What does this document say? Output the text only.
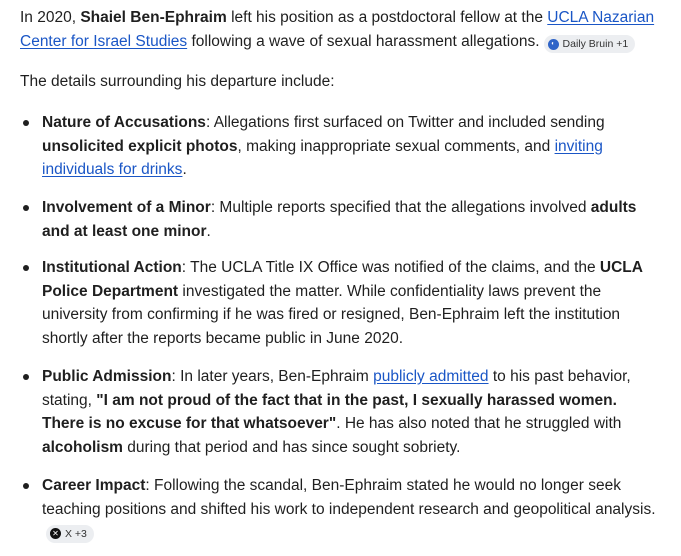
In 2020, Shaiel Ben-Ephraim left his position as a postdoctoral fellow at the UCLA Nazarian Center for Israel Studies following a wave of sexual harassment allegations.	◐ Daily Bruin +1

The details surrounding his departure include:

Nature of Accusations: Allegations first surfaced on Twitter and included sending unsolicited explicit photos, making inappropriate sexual comments, and inviting individuals for drinks.
Involvement of a Minor: Multiple reports specified that the allegations involved adults and at least one minor.
Institutional Action: The UCLA Title IX Office was notified of the claims, and the UCLA Police Department investigated the matter. While confidentiality laws prevent the university from confirming if he was fired or resigned, Ben-Ephraim left the institution shortly after the reports became public in June 2020.
Public Admission: In later years, Ben-Ephraim publicly admitted to his past behavior, stating, "I am not proud of the fact that in the past, I sexually harassed women. There is no excuse for that whatsoever". He has also noted that he struggled with alcoholism during that period and has since sought sobriety.
Career Impact: Following the scandal, Ben-Ephraim stated he would no longer seek teaching positions and shifted his work to independent research and geopolitical analysis.
✕ X +3
